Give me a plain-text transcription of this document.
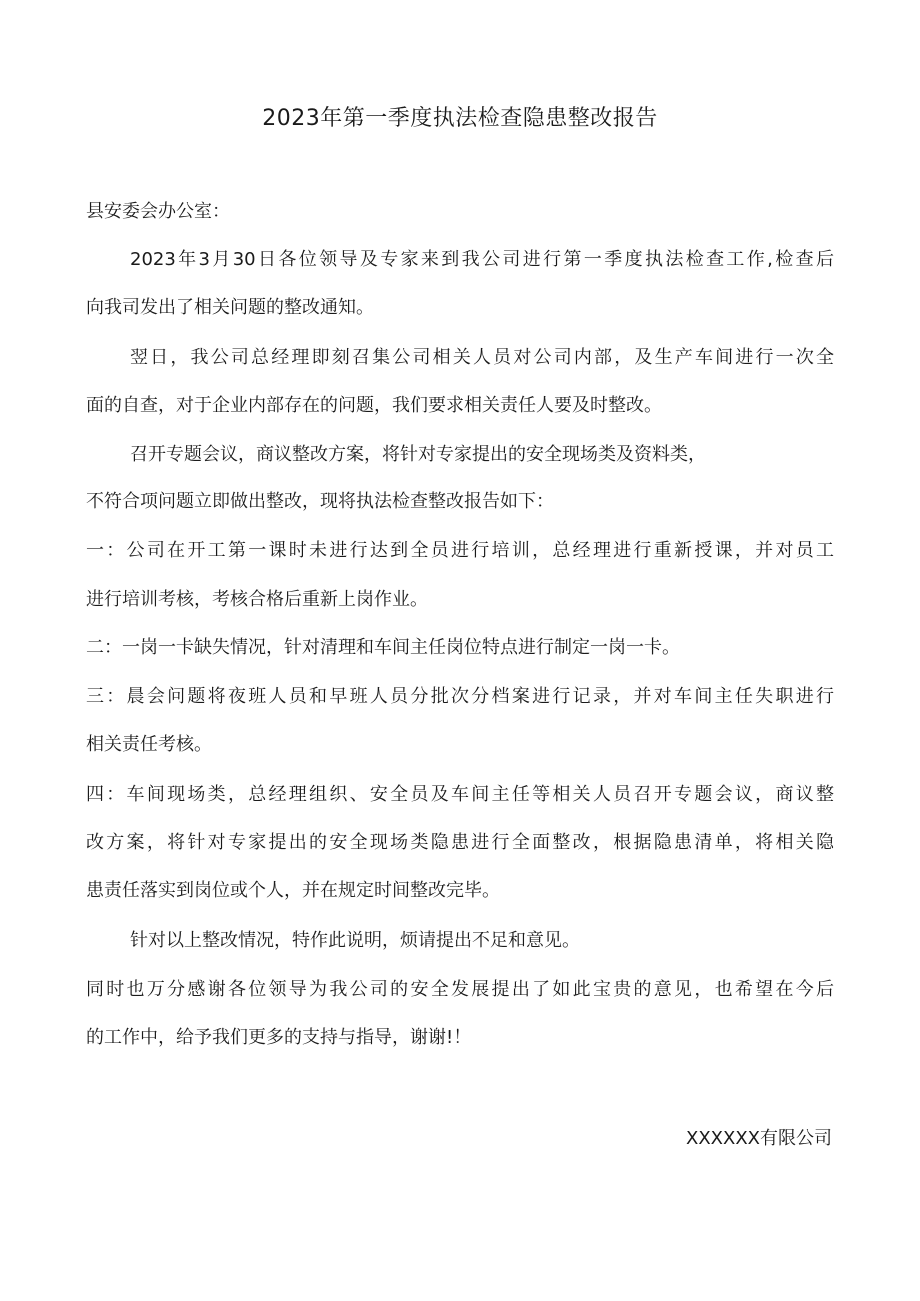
2023年第一季度执法检查隐患整改报告
县安委会办公室：
2023年3月30日各位领导及专家来到我公司进行第一季度执法检查工作,检查后
向我司发出了相关问题的整改通知。
翌日，我公司总经理即刻召集公司相关人员对公司内部，及生产车间进行一次全
面的自查，对于企业内部存在的问题，我们要求相关责任人要及时整改。
召开专题会议，商议整改方案，将针对专家提出的安全现场类及资料类，
不符合项问题立即做出整改，现将执法检查整改报告如下：
一：公司在开工第一课时未进行达到全员进行培训，总经理进行重新授课，并对员工
进行培训考核，考核合格后重新上岗作业。
二：一岗一卡缺失情况，针对清理和车间主任岗位特点进行制定一岗一卡。
三：晨会问题将夜班人员和早班人员分批次分档案进行记录，并对车间主任失职进行
相关责任考核。
四：车间现场类，总经理组织、安全员及车间主任等相关人员召开专题会议，商议整
改方案，将针对专家提出的安全现场类隐患进行全面整改，根据隐患清单，将相关隐
患责任落实到岗位或个人，并在规定时间整改完毕。
针对以上整改情况，特作此说明，烦请提出不足和意见。
同时也万分感谢各位领导为我公司的安全发展提出了如此宝贵的意见，也希望在今后
的工作中，给予我们更多的支持与指导，谢谢!！
XXXXXX有限公司
